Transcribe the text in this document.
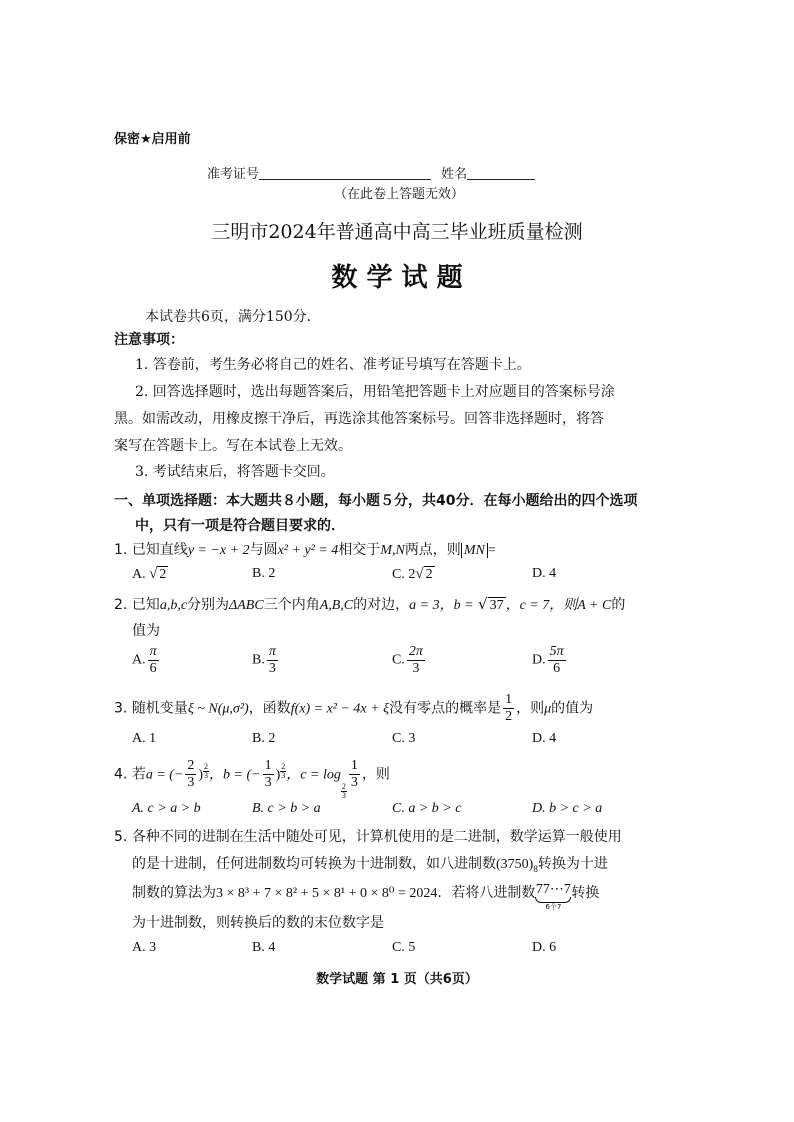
保密★启用前
准考证号	姓名
（在此卷上答题无效）
三明市2024年普通高中高三毕业班质量检测
数 学 试 题
本试卷共6页，满分150分．
注意事项：
1. 答卷前，考生务必将自己的姓名、准考证号填写在答题卡上。
2. 回答选择题时，选出每题答案后，用铅笔把答题卡上对应题目的答案标号涂
黑。如需改动，用橡皮擦干净后，再选涂其他答案标号。回答非选择题时，将答
案写在答题卡上。写在本试卷上无效。
3. 考试结束后，将答题卡交回。
一、单项选择题：本大题共８小题，每小题５分，共40分．在每小题给出的四个选项
中，只有一项是符合题目要求的．
1. 已知直线y = −x + 2与圆x² + y² = 4相交于M,N两点，则 MN =
A. √ 2	B. 2	C. 2√ 2	D. 4
2. 已知a,b,c分别为ΔABC三个内角A,B,C的对边，a = 3，b = √ 37 ，c = 7，则A + C的
值为
A. $\frac{\pi}{6}$	B. $\frac{\pi}{3}$	C. $\frac{2\pi}{3}$	D. $\frac{5\pi}{6}$
3. 随机变量ξ ~ N(μ,σ²)，函数f(x) = x² − 4x + ξ没有零点的概率是 $\frac{1}{2}$ ，则μ的值为
A. 1	B. 2	C. 3	D. 4
4. 若a = (− $\frac{2}{3}$ ) $\frac{2}{3}$ ，b = (− $\frac{1}{3}$ ) $\frac{2}{3}$ ，c = log
$\frac{2}{3}$
$\frac{1}{3}$ ，则
A. c > a > b	B. c > b > a	C. a > b > c	D. b > c > a
5. 各种不同的进制在生活中随处可见，计算机使用的是二进制，数学运算一般使用
的是十进制，任何进制数均可转换为十进制数，如八进制数$(3750)_8$转换为十进
制数的算法为3 × 8³ + 7 × 8² + 5 × 8¹ + 0 × 8⁰ = 2024．若将八进制数 77⋯7
6个7
转换
为十进制数，则转换后的数的末位数字是
A. 3	B. 4	C. 5	D. 6
数学试题 第 1 页（共6页）
